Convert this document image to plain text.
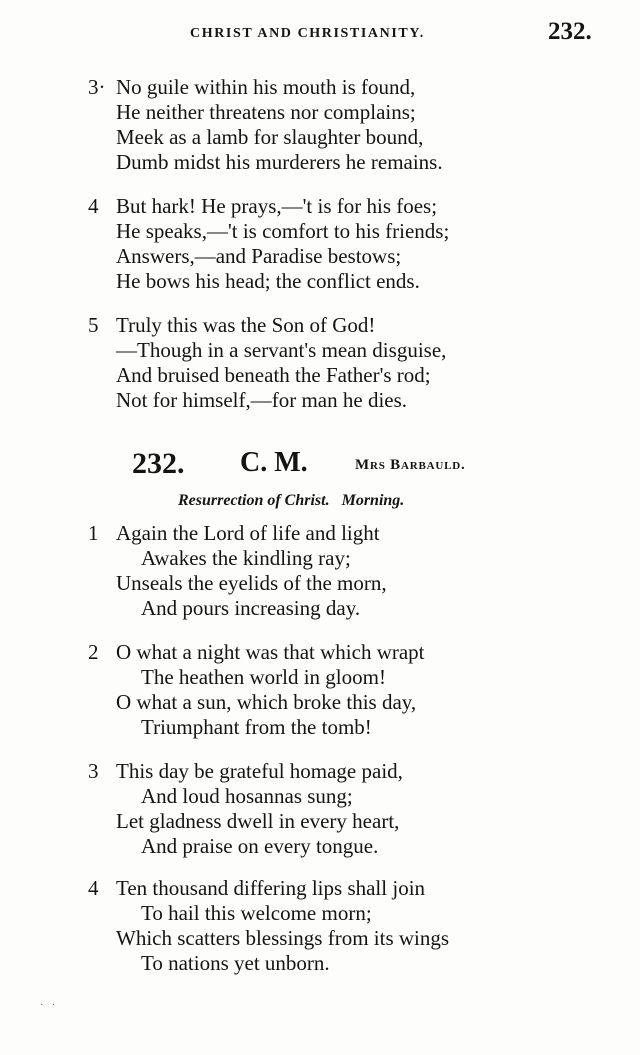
CHRIST AND CHRISTIANITY.	232.
3· No guile within his mouth is found,
He neither threatens nor complains;
Meek as a lamb for slaughter bound,
Dumb midst his murderers he remains.
4 But hark! He prays,—'t is for his foes;
He speaks,—'t is comfort to his friends;
Answers,—and Paradise bestows;
He bows his head; the conflict ends.
5 Truly this was the Son of God!
—Though in a servant's mean disguise,
And bruised beneath the Father's rod;
Not for himself,—for man he dies.
232. C. M.	Mrs Barbauld.
Resurrection of Christ.   Morning.
1 Again the Lord of life and light
Awakes the kindling ray;
Unseals the eyelids of the morn,
And pours increasing day.
2 O what a night was that which wrapt
The heathen world in gloom!
O what a sun, which broke this day,
Triumphant from the tomb!
3 This day be grateful homage paid,
And loud hosannas sung;
Let gladness dwell in every heart,
And praise on every tongue.
4 Ten thousand differing lips shall join
To hail this welcome morn;
Which scatters blessings from its wings
To nations yet unborn.
· ·
